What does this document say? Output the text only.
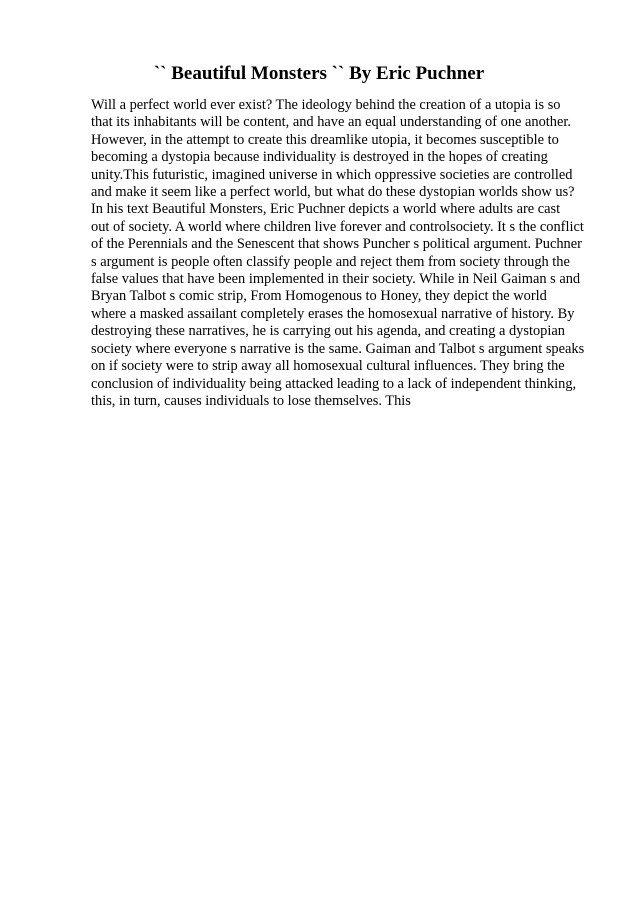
`` Beautiful Monsters `` By Eric Puchner
Will a perfect world ever exist? The ideology behind the creation of a utopia is so
that its inhabitants will be content, and have an equal understanding of one another.
However, in the attempt to create this dreamlike utopia, it becomes susceptible to
becoming a dystopia because individuality is destroyed in the hopes of creating
unity.This futuristic, imagined universe in which oppressive societies are controlled
and make it seem like a perfect world, but what do these dystopian worlds show us?
In his text Beautiful Monsters, Eric Puchner depicts a world where adults are cast
out of society. A world where children live forever and controlsociety. It s the conflict
of the Perennials and the Senescent that shows Puncher s political argument. Puchner
s argument is people often classify people and reject them from society through the
false values that have been implemented in their society. While in Neil Gaiman s and
Bryan Talbot s comic strip, From Homogenous to Honey, they depict the world
where a masked assailant completely erases the homosexual narrative of history. By
destroying these narratives, he is carrying out his agenda, and creating a dystopian
society where everyone s narrative is the same. Gaiman and Talbot s argument speaks
on if society were to strip away all homosexual cultural influences. They bring the
conclusion of individuality being attacked leading to a lack of independent thinking,
this, in turn, causes individuals to lose themselves. This
